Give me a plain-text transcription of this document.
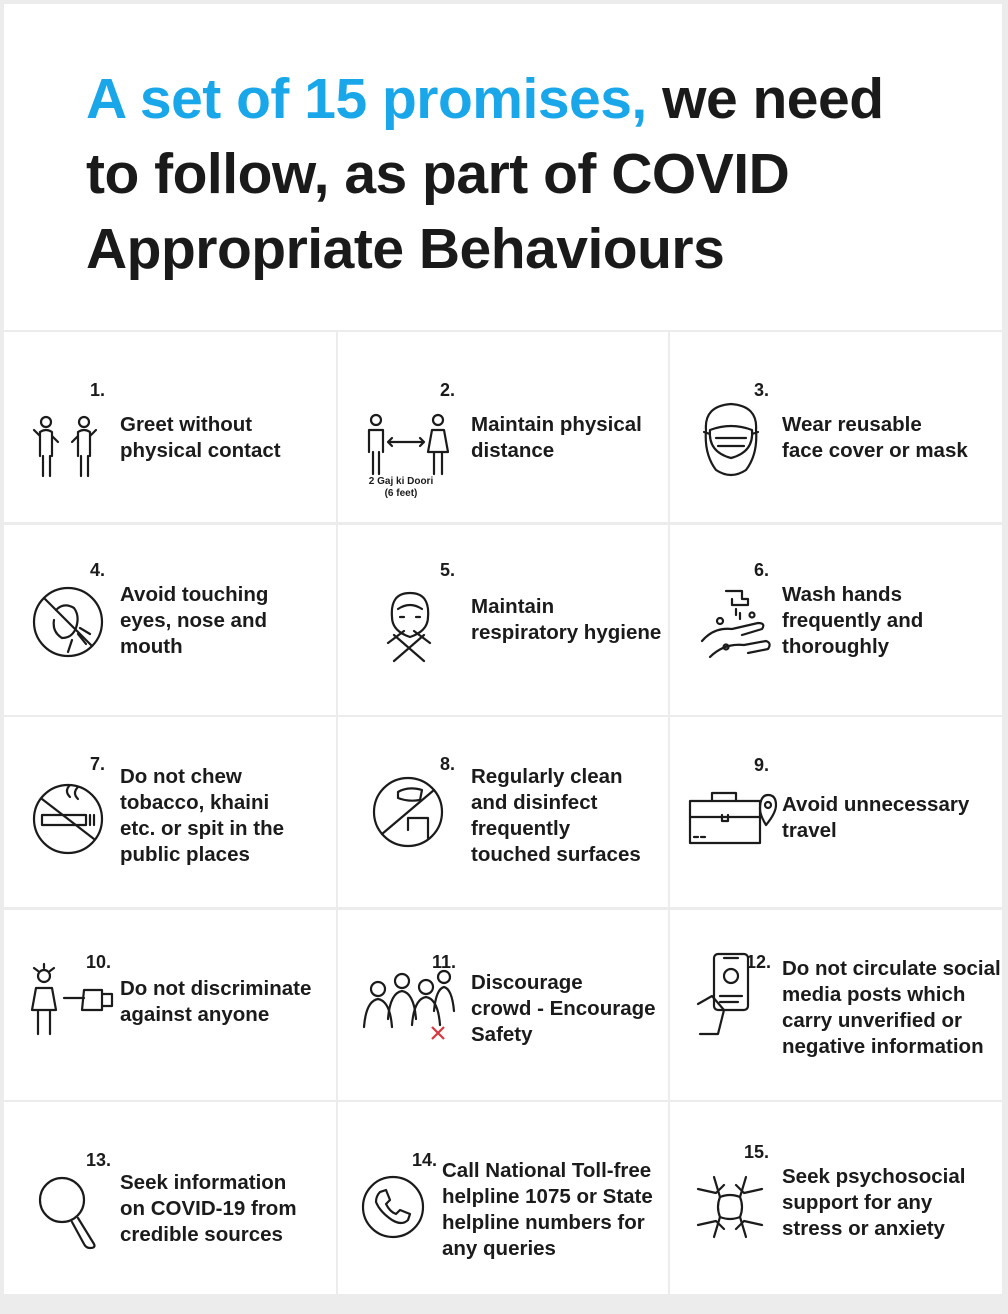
A set of 15 promises, we need
to follow, as part of COVID
Appropriate Behaviours
1.
Greet without
physical contact
2.
Maintain physical
distance
2 Gaj ki Doori
(6 feet)
3.
Wear reusable
face cover or mask
4.
Avoid touching
eyes, nose and
mouth
5.
Maintain
respiratory hygiene
6.
Wash hands
frequently and
thoroughly
7.
Do not chew
tobacco, khaini
etc. or spit in the
public places
8.
Regularly clean
and disinfect
frequently
touched surfaces
9.
Avoid unnecessary
travel
10.
Do not discriminate
against anyone
11.
Discourage
crowd - Encourage
Safety
12. Do not circulate social
media posts which
carry unverified or
negative information
13.
Seek information
on COVID-19 from
credible sources
14. Call National Toll-free
helpline 1075 or State
helpline numbers for
any queries
15.
Seek psychosocial
support for any
stress or anxiety
